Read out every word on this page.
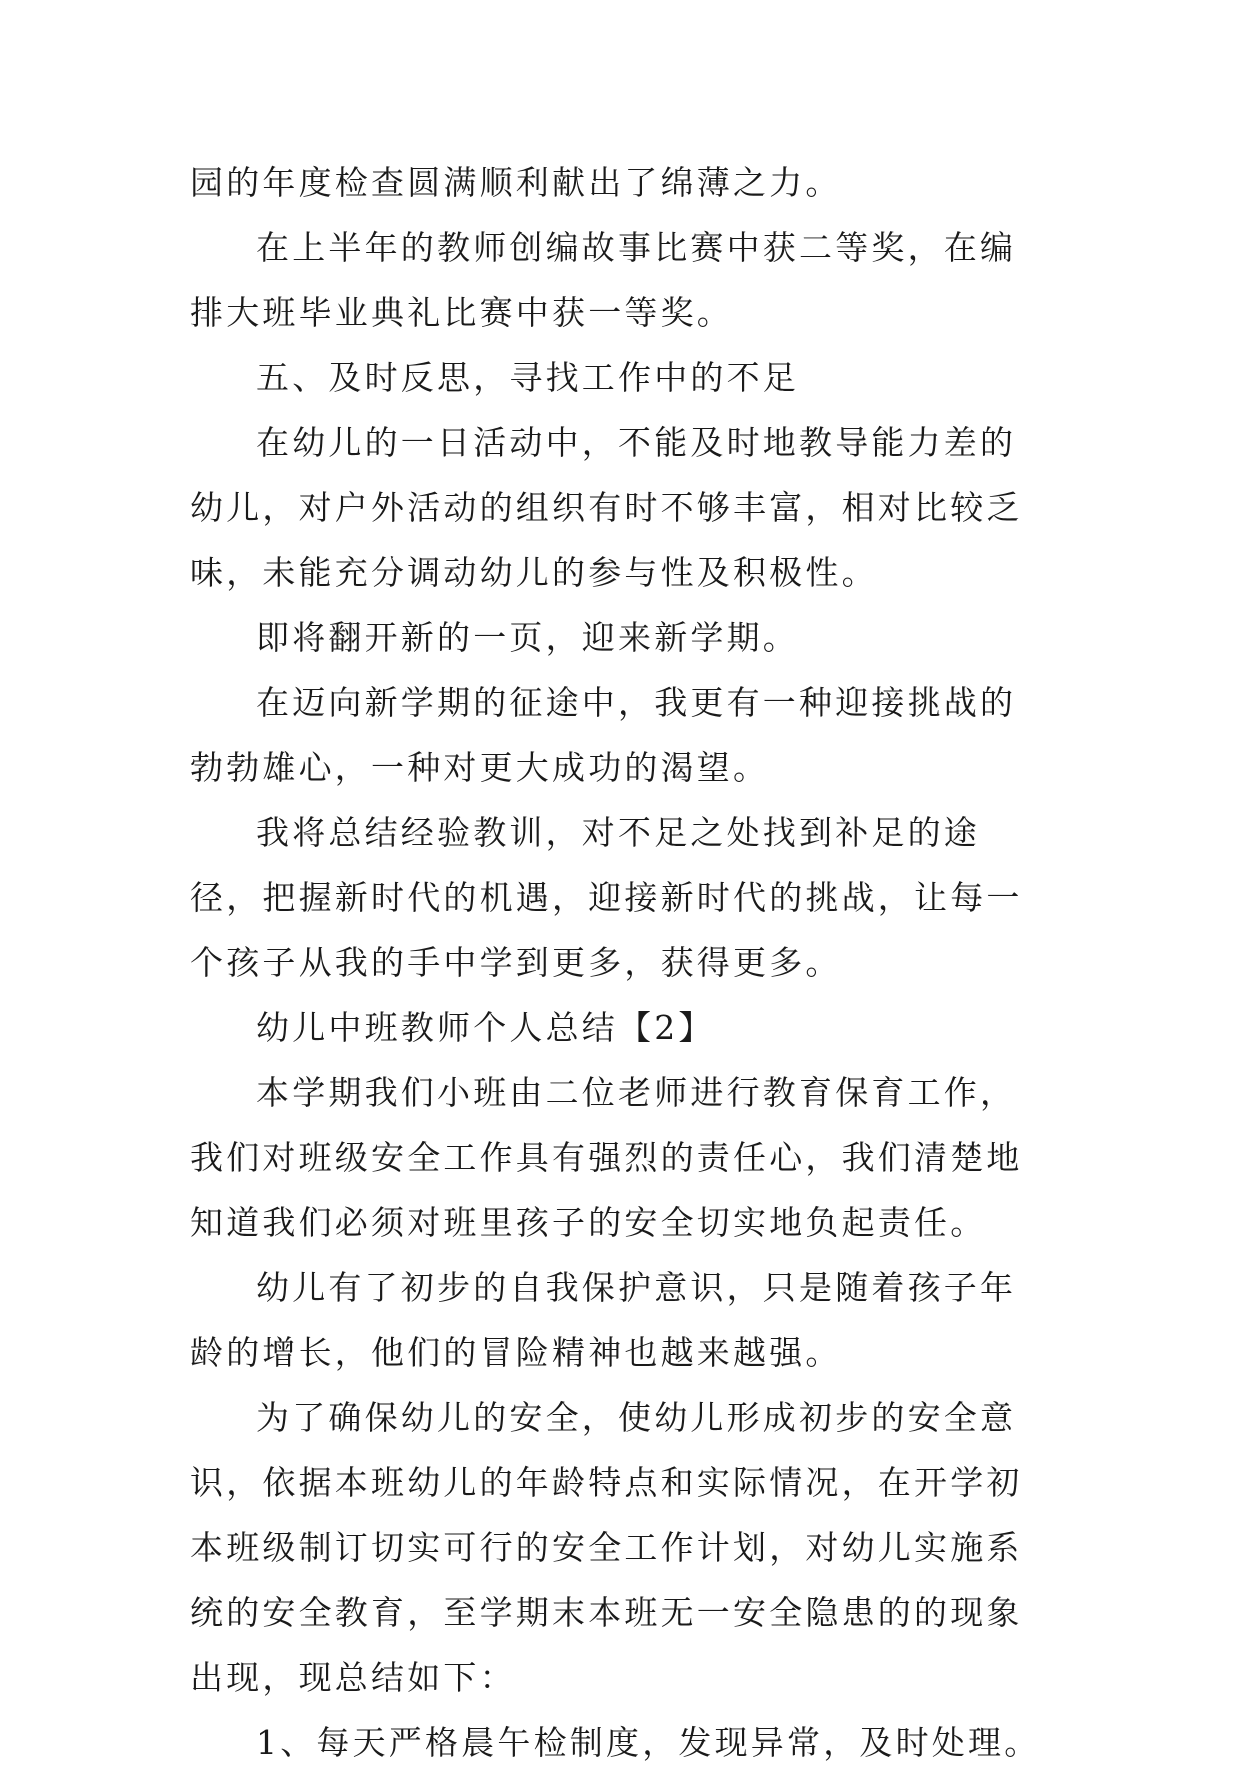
园的年度检查圆满顺利献出了绵薄之力。

在上半年的教师创编故事比赛中获二等奖，在编排大班毕业典礼比赛中获一等奖。

五、及时反思，寻找工作中的不足

在幼儿的一日活动中，不能及时地教导能力差的幼儿，对户外活动的组织有时不够丰富，相对比较乏味，未能充分调动幼儿的参与性及积极性。

即将翻开新的一页，迎来新学期。

在迈向新学期的征途中，我更有一种迎接挑战的勃勃雄心，一种对更大成功的渴望。

我将总结经验教训，对不足之处找到补足的途径，把握新时代的机遇，迎接新时代的挑战，让每一个孩子从我的手中学到更多，获得更多。

幼儿中班教师个人总结【2】

本学期我们小班由二位老师进行教育保育工作，我们对班级安全工作具有强烈的责任心，我们清楚地知道我们必须对班里孩子的安全切实地负起责任。

幼儿有了初步的自我保护意识，只是随着孩子年龄的增长，他们的冒险精神也越来越强。

为了确保幼儿的安全，使幼儿形成初步的安全意识，依据本班幼儿的年龄特点和实际情况，在开学初本班级制订切实可行的安全工作计划，对幼儿实施系统的安全教育，至学期末本班无一安全隐患的的现象出现，现总结如下：

1、每天严格晨午检制度，发现异常，及时处理。
